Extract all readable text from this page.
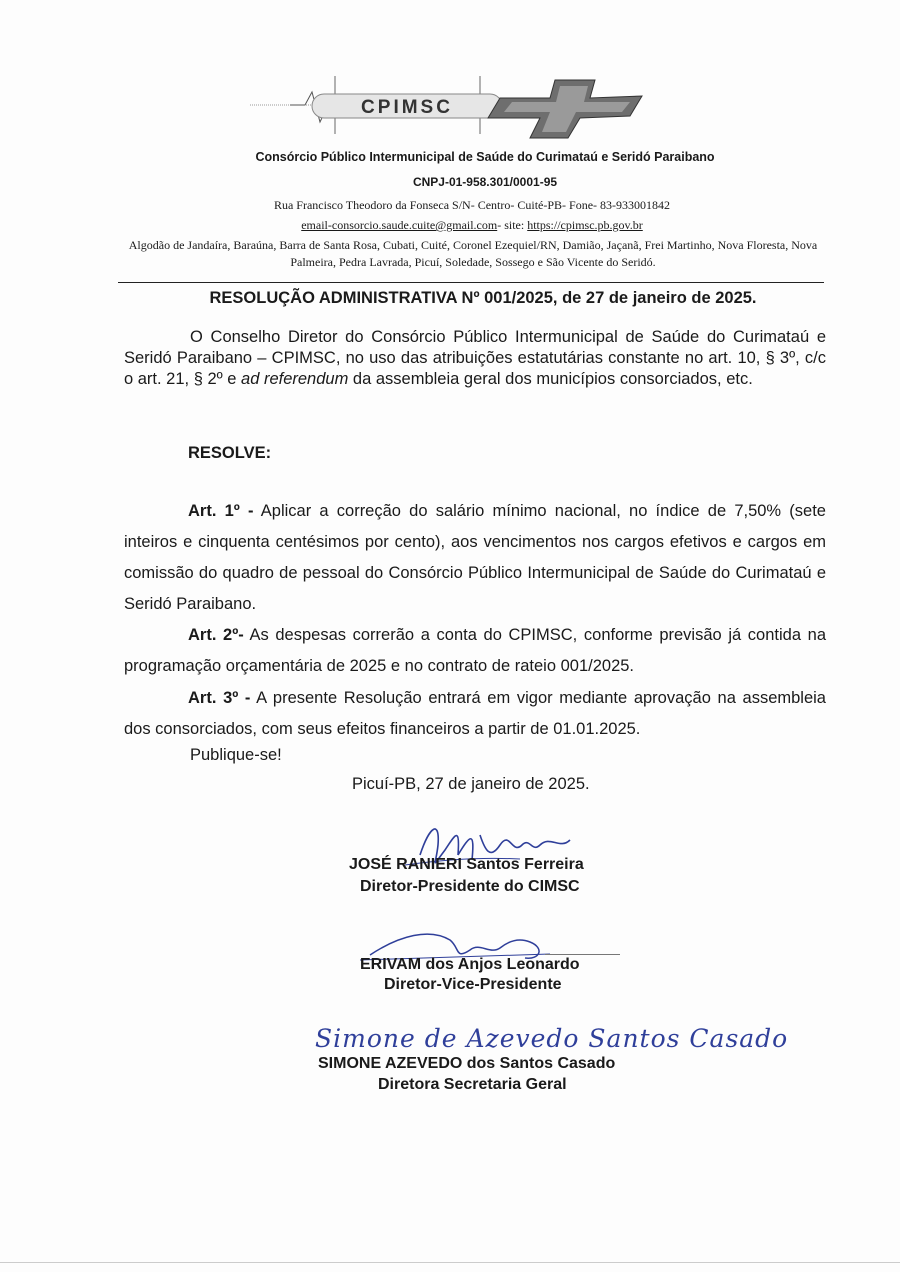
CPIMSC
Consórcio Público Intermunicipal de Saúde do Curimataú e Seridó Paraibano
CNPJ-01-958.301/0001-95
Rua Francisco Theodoro da Fonseca S/N- Centro- Cuité-PB- Fone- 83-933001842
email-consorcio.saude.cuite@gmail.com- site: https://cpimsc.pb.gov.br
Algodão de Jandaíra, Baraúna, Barra de Santa Rosa, Cubati, Cuité, Coronel Ezequiel/RN, Damião, Jaçanã, Frei Martinho, Nova Floresta, Nova Palmeira, Pedra Lavrada, Picuí, Soledade, Sossego e São Vicente do Seridó.
RESOLUÇÃO ADMINISTRATIVA Nº 001/2025, de 27 de janeiro de 2025.
O Conselho Diretor do Consórcio Público Intermunicipal de Saúde do Curimataú e Seridó Paraibano – CPIMSC, no uso das atribuições estatutárias constante no art. 10, § 3º, c/c o art. 21, § 2º e ad referendum da assembleia geral dos municípios consorciados, etc.
RESOLVE:
Art. 1º - Aplicar a correção do salário mínimo nacional, no índice de 7,50% (sete inteiros e cinquenta centésimos por cento), aos vencimentos nos cargos efetivos e cargos em comissão do quadro de pessoal do Consórcio Público Intermunicipal de Saúde do Curimataú e Seridó Paraibano.
Art. 2º- As despesas correrão a conta do CPIMSC, conforme previsão já contida na programação orçamentária de 2025 e no contrato de rateio 001/2025.
Art. 3º - A presente Resolução entrará em vigor mediante aprovação na assembleia dos consorciados, com seus efeitos financeiros a partir de 01.01.2025.
Publique-se!
Picuí-PB, 27 de janeiro de 2025.
JOSÉ RANIERI Santos Ferreira
Diretor-Presidente do CIMSC
ERIVAM dos Anjos Leonardo
Diretor-Vice-Presidente
Simone de Azevedo Santos Casado
SIMONE AZEVEDO dos Santos Casado
Diretora Secretaria Geral
